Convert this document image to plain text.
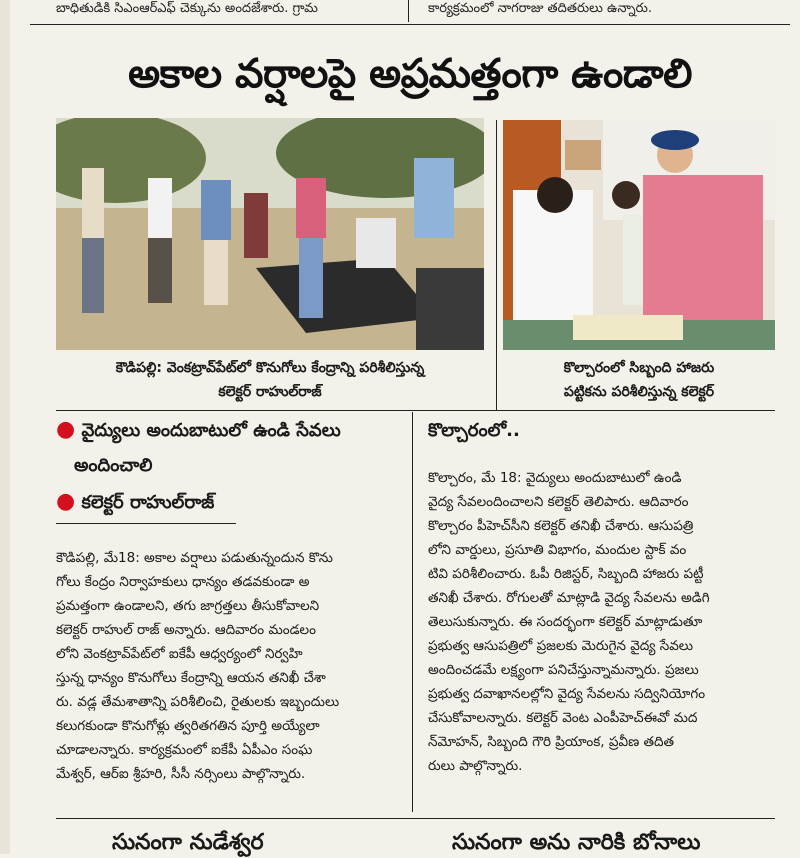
బాధితుడికి సిఎంఆర్‌ఎఫ్ చెక్కును అందజేశారు. గ్రామ	కార్యక్రమంలో నాగరాజు తదితరులు ఉన్నారు.
అకాల వర్షాలపై అప్రమత్తంగా ఉండాలి
కౌడిపల్లి: వెంకట్రావ్‌పేట్‌లో కొనుగోలు కేంద్రాన్ని పరిశీలిస్తున్న
కలెక్టర్ రాహుల్‌రాజ్
కొల్చారంలో సిబ్బంది హాజరు
పట్టికను పరిశీలిస్తున్న కలెక్టర్
● వైద్యులు అందుబాటులో ఉండి సేవలు
అందించాలి
● కలెక్టర్ రాహుల్‌రాజ్
కొల్చారంలో..
కౌడిపల్లి, మే18: అకాల వర్షాలు పడుతున్నందున కొను
గోలు కేంద్రం నిర్వాహకులు ధాన్యం తడవకుండా అ
ప్రమత్తంగా ఉండాలని, తగు జాగ్రత్తలు తీసుకోవాలని
కలెక్టర్ రాహుల్ రాజ్ అన్నారు. ఆదివారం మండలం
లోని వెంకట్రావ్‌పేట్‌లో ఐకేపీ ఆధ్వర్యంలో నిర్వహి
స్తున్న ధాన్యం కొనుగోలు కేంద్రాన్ని ఆయన తనిఖీ చేశా
రు. వడ్ల తేమశాతాన్ని పరిశీలించి, రైతులకు ఇబ్బందులు
కలుగకుండా కొనుగోళ్లు త్వరితగతిన పూర్తి అయ్యేలా
చూడాలన్నారు. కార్యక్రమంలో ఐకేపీ ఏపీఎం సంఘ
మేశ్వర్, ఆర్‌ఐ శ్రీహరి, సీసీ నర్సింలు పాల్గొన్నారు.
కొల్చారం, మే 18: వైద్యులు అందుబాటులో ఉండి
వైద్య సేవలందించాలని కలెక్టర్ తెలిపారు. ఆదివారం
కొల్చారం పీహెచ్‌సీని కలెక్టర్ తనిఖీ చేశారు. ఆసుపత్రి
లోని వార్డులు, ప్రసూతి విభాగం, మందుల స్టాక్ వం
టివి పరిశీలించారు. ఓపీ రిజిస్టర్, సిబ్బంది హాజరు పట్టీ
తనిఖీ చేశారు. రోగులతో మాట్లాడి వైద్య సేవలను అడిగి
తెలుసుకున్నారు. ఈ సందర్భంగా కలెక్టర్ మాట్లాడుతూ
ప్రభుత్వ ఆసుపత్రిలో ప్రజలకు మెరుగైన వైద్య సేవలు
అందించడమే లక్ష్యంగా పనిచేస్తున్నామన్నారు. ప్రజలు
ప్రభుత్వ దవాఖానలల్లోని వైద్య సేవలను సద్వినియోగం
చేసుకోవాలన్నారు. కలెక్టర్ వెంట ఎంపీహెచ్‌ఈవో మద
న్‌మోహన్, సిబ్బంది గౌరి ప్రియాంక, ప్రవీణ తదిత
రులు పాల్గొన్నారు.
సునంగా నుడేశ్వర	సునంగా అను నారికి బోనాలు
